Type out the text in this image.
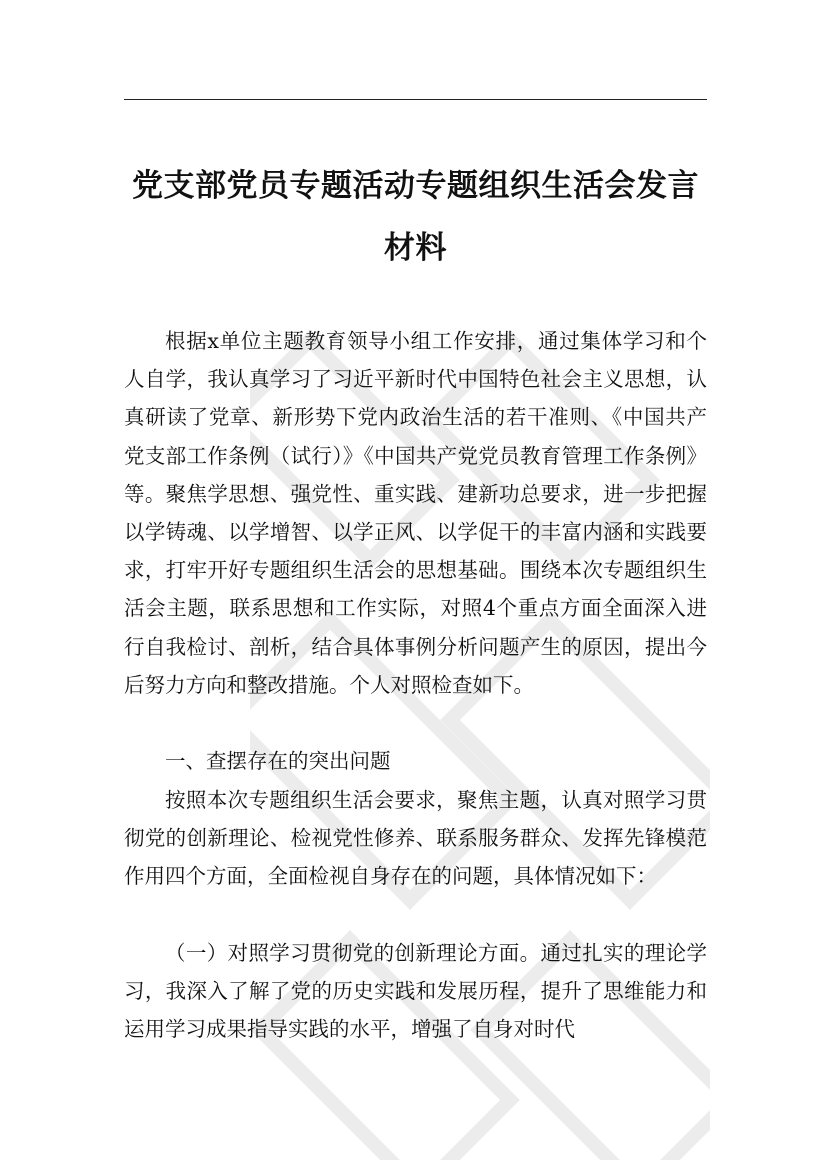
党支部党员专题活动专题组织生活会发言
材料

根据x单位主题教育领导小组工作安排，通过集体学习和个人自学，我认真学习了习近平新时代中国特色社会主义思想，认真研读了党章、新形势下党内政治生活的若干准则、《中国共产党支部工作条例（试行）》《中国共产党党员教育管理工作条例》等。聚焦学思想、强党性、重实践、建新功总要求，进一步把握以学铸魂、以学增智、以学正风、以学促干的丰富内涵和实践要求，打牢开好专题组织生活会的思想基础。围绕本次专题组织生活会主题，联系思想和工作实际，对照4个重点方面全面深入进行自我检讨、剖析，结合具体事例分析问题产生的原因，提出今后努力方向和整改措施。个人对照检查如下。

一、查摆存在的突出问题

按照本次专题组织生活会要求，聚焦主题，认真对照学习贯彻党的创新理论、检视党性修养、联系服务群众、发挥先锋模范作用四个方面，全面检视自身存在的问题，具体情况如下：

（一）对照学习贯彻党的创新理论方面。通过扎实的理论学习，我深入了解了党的历史实践和发展历程，提升了思维能力和运用学习成果指导实践的水平，增强了自身对时代
